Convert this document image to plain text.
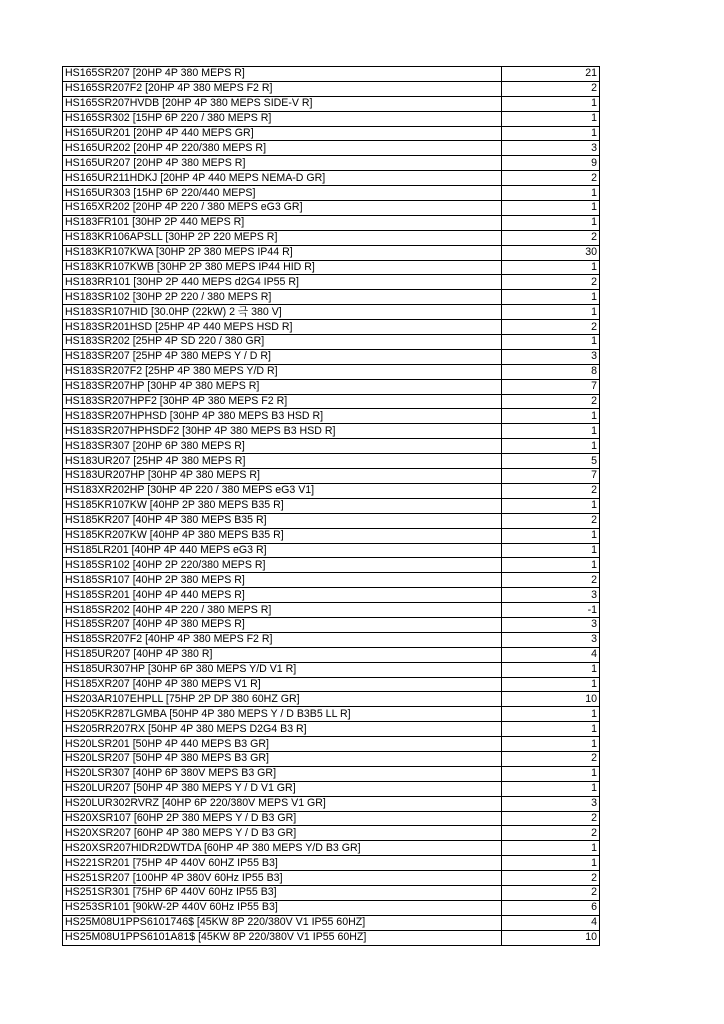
HS165SR207 [20HP 4P 380 MEPS R]	21
HS165SR207F2 [20HP 4P 380 MEPS F2 R]	2
HS165SR207HVDB [20HP 4P 380 MEPS SIDE-V R]	1
HS165SR302 [15HP 6P 220 / 380 MEPS R]	1
HS165UR201 [20HP 4P 440 MEPS GR]	1
HS165UR202 [20HP 4P 220/380 MEPS R]	3
HS165UR207 [20HP 4P 380 MEPS R]	9
HS165UR211HDKJ [20HP 4P 440 MEPS NEMA-D GR]	2
HS165UR303 [15HP 6P 220/440 MEPS]	1
HS165XR202 [20HP 4P 220 / 380 MEPS eG3 GR]	1
HS183FR101 [30HP 2P 440 MEPS R]	1
HS183KR106APSLL [30HP 2P 220 MEPS R]	2
HS183KR107KWA [30HP 2P 380 MEPS IP44 R]	30
HS183KR107KWB [30HP 2P 380 MEPS IP44 HID R]	1
HS183RR101 [30HP 2P 440 MEPS d2G4 IP55 R]	2
HS183SR102 [30HP 2P 220 / 380 MEPS R]	1
HS183SR107HID [30.0HP (22kW) 2 극 380 V]	1
HS183SR201HSD [25HP 4P 440 MEPS HSD R]	2
HS183SR202 [25HP 4P SD 220 / 380 GR]	1
HS183SR207 [25HP 4P 380 MEPS Y / D R]	3
HS183SR207F2 [25HP 4P 380 MEPS Y/D R]	8
HS183SR207HP [30HP 4P 380 MEPS R]	7
HS183SR207HPF2 [30HP 4P 380 MEPS F2 R]	2
HS183SR207HPHSD [30HP 4P 380 MEPS B3 HSD R]	1
HS183SR207HPHSDF2 [30HP 4P 380 MEPS B3 HSD R]	1
HS183SR307 [20HP 6P 380 MEPS R]	1
HS183UR207 [25HP 4P 380 MEPS R]	5
HS183UR207HP [30HP 4P 380 MEPS R]	7
HS183XR202HP [30HP 4P 220 / 380 MEPS eG3 V1]	2
HS185KR107KW [40HP 2P 380 MEPS B35 R]	1
HS185KR207 [40HP 4P 380 MEPS B35 R]	2
HS185KR207KW [40HP 4P 380 MEPS B35 R]	1
HS185LR201 [40HP 4P 440 MEPS eG3 R]	1
HS185SR102 [40HP 2P 220/380 MEPS R]	1
HS185SR107 [40HP 2P 380 MEPS R]	2
HS185SR201 [40HP 4P 440 MEPS R]	3
HS185SR202 [40HP 4P 220 / 380 MEPS R]	-1
HS185SR207 [40HP 4P 380 MEPS R]	3
HS185SR207F2 [40HP 4P 380 MEPS F2 R]	3
HS185UR207 [40HP 4P 380 R]	4
HS185UR307HP [30HP 6P 380 MEPS Y/D V1 R]	1
HS185XR207 [40HP 4P 380 MEPS V1 R]	1
HS203AR107EHPLL [75HP 2P DP 380 60HZ GR]	10
HS205KR287LGMBA [50HP 4P 380 MEPS Y / D B3B5 LL R]	1
HS205RR207RX [50HP 4P 380 MEPS D2G4 B3 R]	1
HS20LSR201 [50HP 4P 440 MEPS B3 GR]	1
HS20LSR207 [50HP 4P 380 MEPS B3 GR]	2
HS20LSR307 [40HP 6P 380V MEPS B3 GR]	1
HS20LUR207 [50HP 4P 380 MEPS Y / D V1 GR]	1
HS20LUR302RVRZ [40HP 6P 220/380V MEPS V1 GR]	3
HS20XSR107 [60HP 2P 380 MEPS Y / D B3 GR]	2
HS20XSR207 [60HP 4P 380 MEPS Y / D B3 GR]	2
HS20XSR207HIDR2DWTDA [60HP 4P 380 MEPS Y/D B3 GR]	1
HS221SR201 [75HP 4P 440V 60HZ IP55 B3]	1
HS251SR207 [100HP 4P 380V 60Hz IP55 B3]	2
HS251SR301 [75HP 6P 440V 60Hz IP55 B3]	2
HS253SR101 [90kW-2P 440V 60Hz IP55 B3]	6
HS25M08U1PPS6101746$ [45KW 8P 220/380V V1 IP55 60HZ]	4
HS25M08U1PPS6101A81$ [45KW 8P 220/380V V1 IP55 60HZ]	10
